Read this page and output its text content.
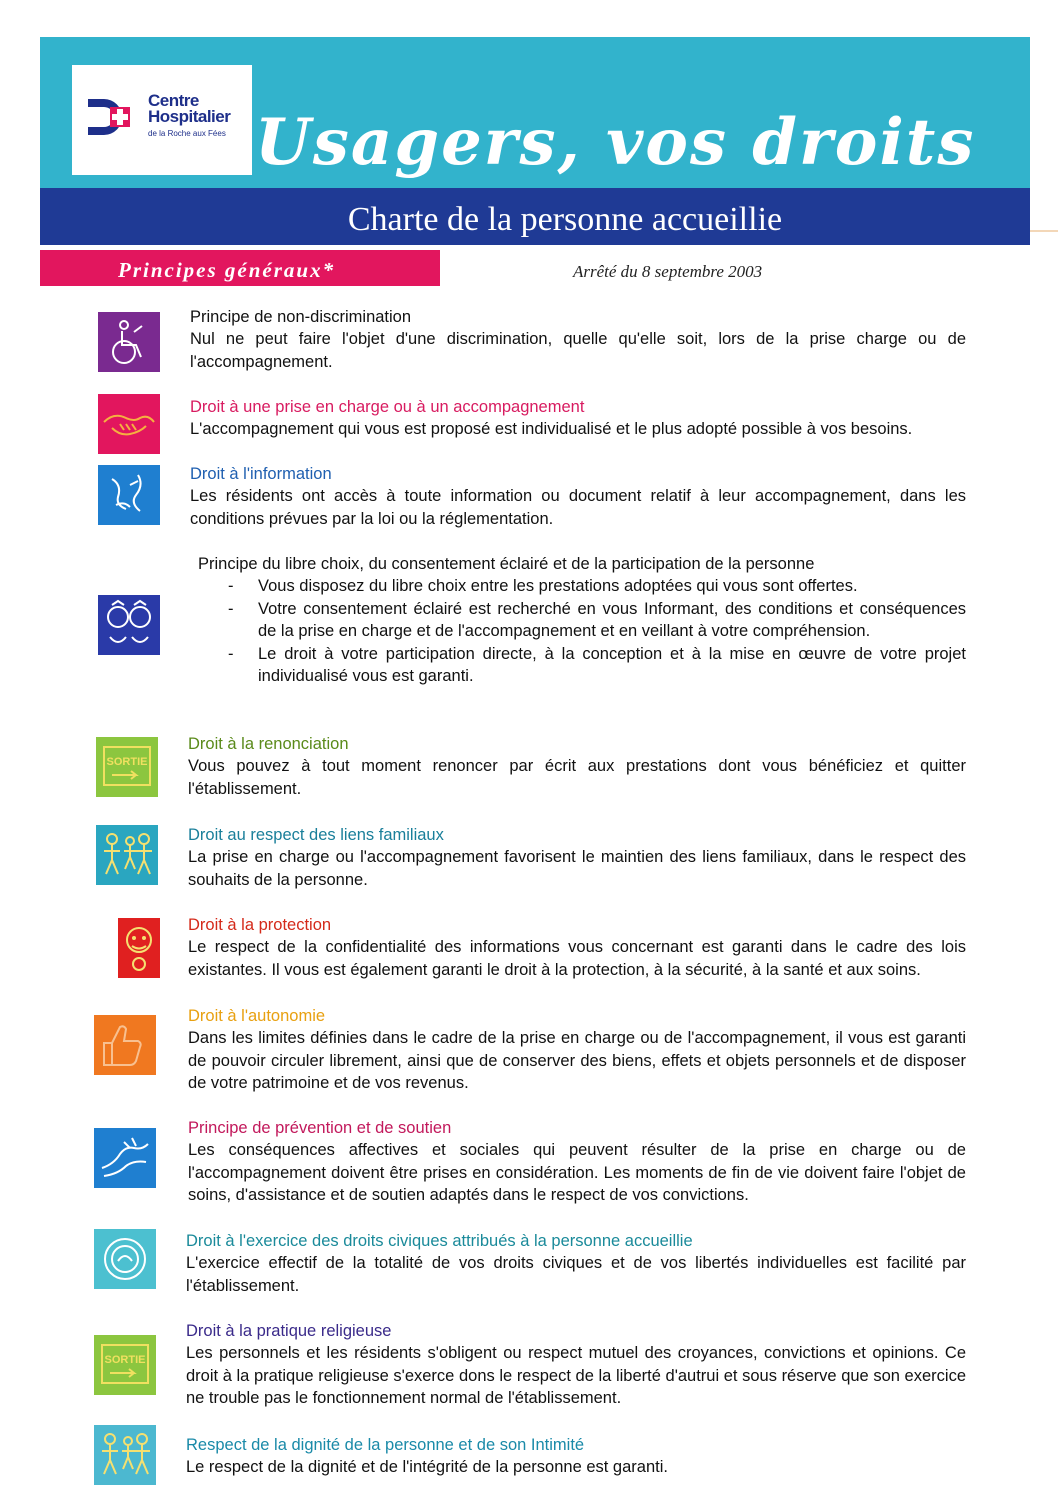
Centre
Hospitalier
de la Roche aux Fées Usagers, vos droits
Charte de la personne accueillie
Principes généraux*	Arrêté du 8 septembre 2003
Principe de non-discrimination
Nul ne peut faire l'objet d'une discrimination, quelle qu'elle soit, lors de la prise charge ou de l'accompagnement.
Droit à une prise en charge ou à un accompagnement
L'accompagnement qui vous est proposé est individualisé et le plus adopté possible à vos besoins.
Droit à l'information
Les résidents ont accès à toute information ou document relatif à leur accompagnement, dans les conditions prévues par la loi ou la réglementation.
Principe du libre choix, du consentement éclairé et de la participation de la personne
- Vous disposez du libre choix entre les prestations adoptées qui vous sont offertes.
- Votre consentement éclairé est recherché en vous Informant, des conditions et conséquences de la prise en charge et de l'accompagnement et en veillant à votre compréhension.
- Le droit à votre participation directe, à la conception et à la mise en œuvre de votre projet individualisé vous est garanti.
SORTIE
Droit à la renonciation
Vous pouvez à tout moment renoncer par écrit aux prestations dont vous bénéficiez et quitter l'établissement.
Droit au respect des liens familiaux
La prise en charge ou l'accompagnement favorisent le maintien des liens familiaux, dans le respect des souhaits de la personne.
Droit à la protection
Le respect de la confidentialité des informations vous concernant est garanti dans le cadre des lois existantes. Il vous est également garanti le droit à la protection, à la sécurité, à la santé et aux soins.
Droit à l'autonomie
Dans les limites définies dans le cadre de la prise en charge ou de l'accompagnement, il vous est garanti de pouvoir circuler librement, ainsi que de conserver des biens, effets et objets personnels et de disposer de votre patrimoine et de vos revenus.
Principe de prévention et de soutien
Les conséquences affectives et sociales qui peuvent résulter de la prise en charge ou de l'accompagnement doivent être prises en considération. Les moments de fin de vie doivent faire l'objet de soins, d'assistance et de soutien adaptés dans le respect de vos convictions.
Droit à l'exercice des droits civiques attribués à la personne accueillie
L'exercice effectif de la totalité de vos droits civiques et de vos libertés individuelles est facilité par l'établissement.
SORTIE
Droit à la pratique religieuse
Les personnels et les résidents s'obligent ou respect mutuel des croyances, convictions et opinions. Ce droit à la pratique religieuse s'exerce dons le respect de la liberté d'autrui et sous réserve que son exercice ne trouble pas le fonctionnement normal de l'établissement.
Respect de la dignité de la personne et de son Intimité
Le respect de la dignité et de l'intégrité de la personne est garanti.
